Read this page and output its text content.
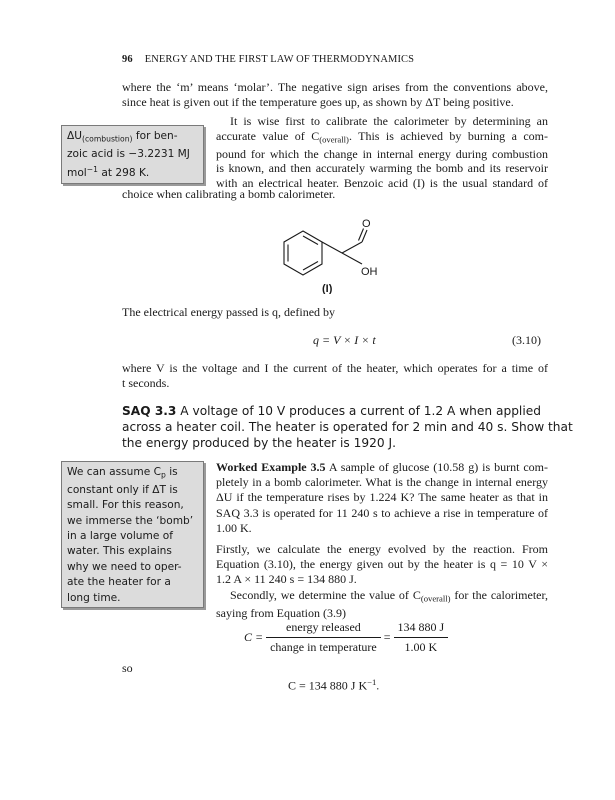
96 ENERGY AND THE FIRST LAW OF THERMODYNAMICS
where the ‘m’ means ‘molar’. The negative sign arises from the conventions above,
since heat is given out if the temperature goes up, as shown by ΔT being positive.
It is wise first to calibrate the calorimeter by determining an
accurate value of $C_{(overall)}$. This is achieved by burning a com-
pound for which the change in internal energy during combustion
is known, and then accurately warming the bomb and its reservoir
with an electrical heater. Benzoic acid (I) is the usual standard of
choice when calibrating a bomb calorimeter.
$\Delta U_{(combustion)}$ for ben-
zoic acid is −3.2231 MJ
mol$^{-1}$ at 298 K.
O
OH
(I)
The electrical energy passed is q, defined by
q = V × I × t	(3.10)
where V is the voltage and I the current of the heater, which operates for a time of
t seconds.
SAQ 3.3 A voltage of 10 V produces a current of 1.2 A when applied
across a heater coil. The heater is operated for 2 min and 40 s. Show that
the energy produced by the heater is 1920 J.
We can assume $C_p$ is
constant only if ΔT is
small. For this reason,
we immerse the ‘bomb’
in a large volume of
water. This explains
why we need to oper-
ate the heater for a
long time.
Worked Example 3.5 A sample of glucose (10.58 g) is burnt com-
pletely in a bomb calorimeter. What is the change in internal energy
ΔU if the temperature rises by 1.224 K? The same heater as that in
SAQ 3.3 is operated for 11 240 s to achieve a rise in temperature of
1.00 K.
Firstly, we calculate the energy evolved by the reaction. From
Equation (3.10), the energy given out by the heater is q = 10 V ×
1.2 A × 11 240 s = 134 880 J.
Secondly, we determine the value of $C_{(overall)}$ for the calorimeter,
saying from Equation (3.9)
$C = \frac{\text{energy released}}{\text{change in temperature}} = \frac{134 880 J}{1.00 K}$
so
C = 134 880 J $K^{-1}$.
